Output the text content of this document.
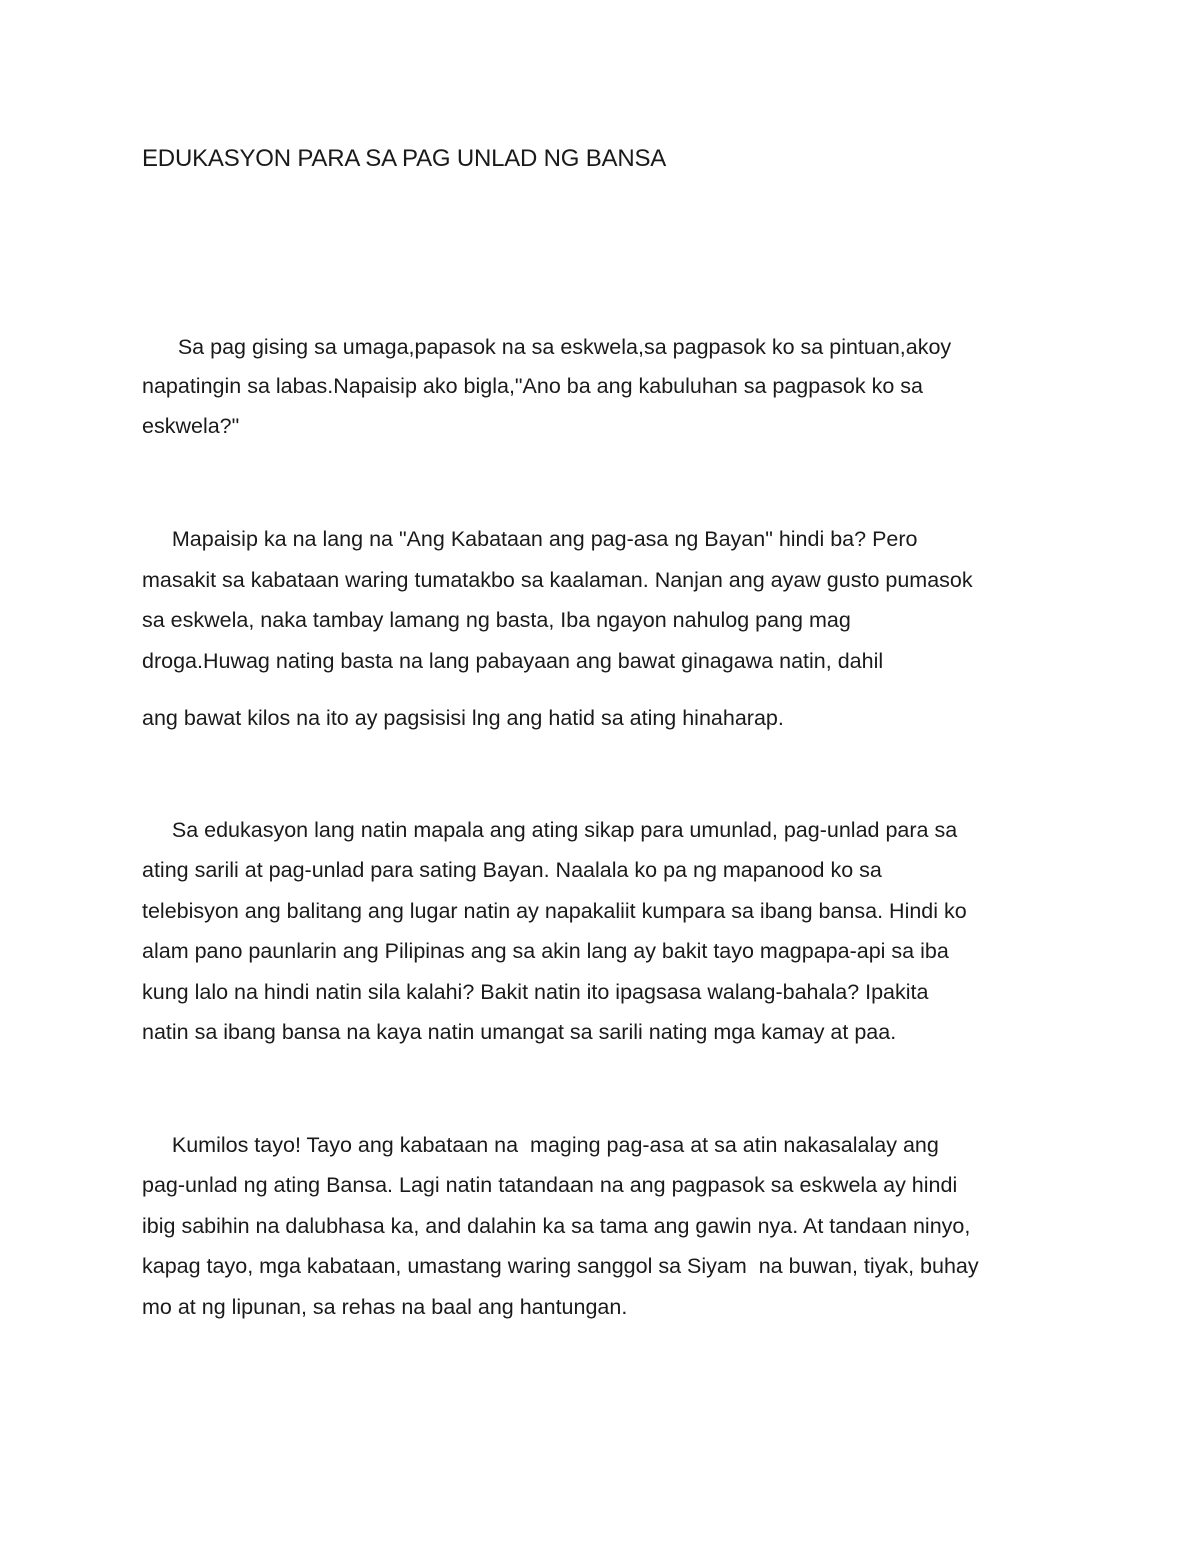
EDUKASYON PARA SA PAG UNLAD NG BANSA
Sa pag gising sa umaga,papasok na sa eskwela,sa pagpasok ko sa pintuan,akoy
napatingin sa labas.Napaisip ako bigla,"Ano ba ang kabuluhan sa pagpasok ko sa
eskwela?"
Mapaisip ka na lang na "Ang Kabataan ang pag-asa ng Bayan" hindi ba? Pero
masakit sa kabataan waring tumatakbo sa kaalaman. Nanjan ang ayaw gusto pumasok
sa eskwela, naka tambay lamang ng basta, Iba ngayon nahulog pang mag
droga.Huwag nating basta na lang pabayaan ang bawat ginagawa natin, dahil
ang bawat kilos na ito ay pagsisisi lng ang hatid sa ating hinaharap.
Sa edukasyon lang natin mapala ang ating sikap para umunlad, pag-unlad para sa
ating sarili at pag-unlad para sating Bayan. Naalala ko pa ng mapanood ko sa
telebisyon ang balitang ang lugar natin ay napakaliit kumpara sa ibang bansa. Hindi ko
alam pano paunlarin ang Pilipinas ang sa akin lang ay bakit tayo magpapa-api sa iba
kung lalo na hindi natin sila kalahi? Bakit natin ito ipagsasa walang-bahala? Ipakita
natin sa ibang bansa na kaya natin umangat sa sarili nating mga kamay at paa.
Kumilos tayo! Tayo ang kabataan na  maging pag-asa at sa atin nakasalalay ang
pag-unlad ng ating Bansa. Lagi natin tatandaan na ang pagpasok sa eskwela ay hindi
ibig sabihin na dalubhasa ka, and dalahin ka sa tama ang gawin nya. At tandaan ninyo,
kapag tayo, mga kabataan, umastang waring sanggol sa Siyam  na buwan, tiyak, buhay
mo at ng lipunan, sa rehas na baal ang hantungan.
